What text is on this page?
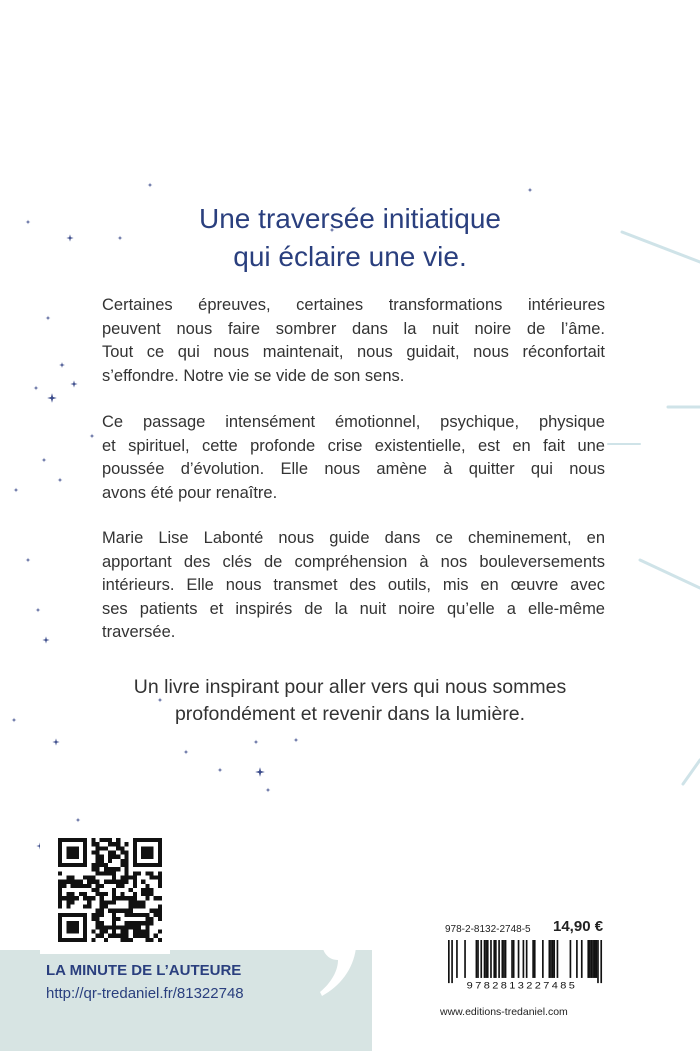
Une traversée initiatique
qui éclaire une vie.

Certaines épreuves, certaines transformations intérieures
peuvent nous faire sombrer dans la nuit noire de l’âme.
Tout ce qui nous maintenait, nous guidait, nous réconfortait
s’effondre. Notre vie se vide de son sens.

Ce passage intensément émotionnel, psychique, physique
et spirituel, cette profonde crise existentielle, est en fait une
poussée d’évolution. Elle nous amène à quitter qui nous
avons été pour renaître.

Marie Lise Labonté nous guide dans ce cheminement, en
apportant des clés de compréhension à nos bouleversements
intérieurs. Elle nous transmet des outils, mis en œuvre avec
ses patients et inspirés de la nuit noire qu’elle a elle-même
traversée.

Un livre inspirant pour aller vers qui nous sommes
profondément et revenir dans la lumière.
LA MINUTE DE L’AUTEURE
http://qr-tredaniel.fr/81322748
978-2-8132-2748-5 14,90 €
9782813227485
www.editions-tredaniel.com
